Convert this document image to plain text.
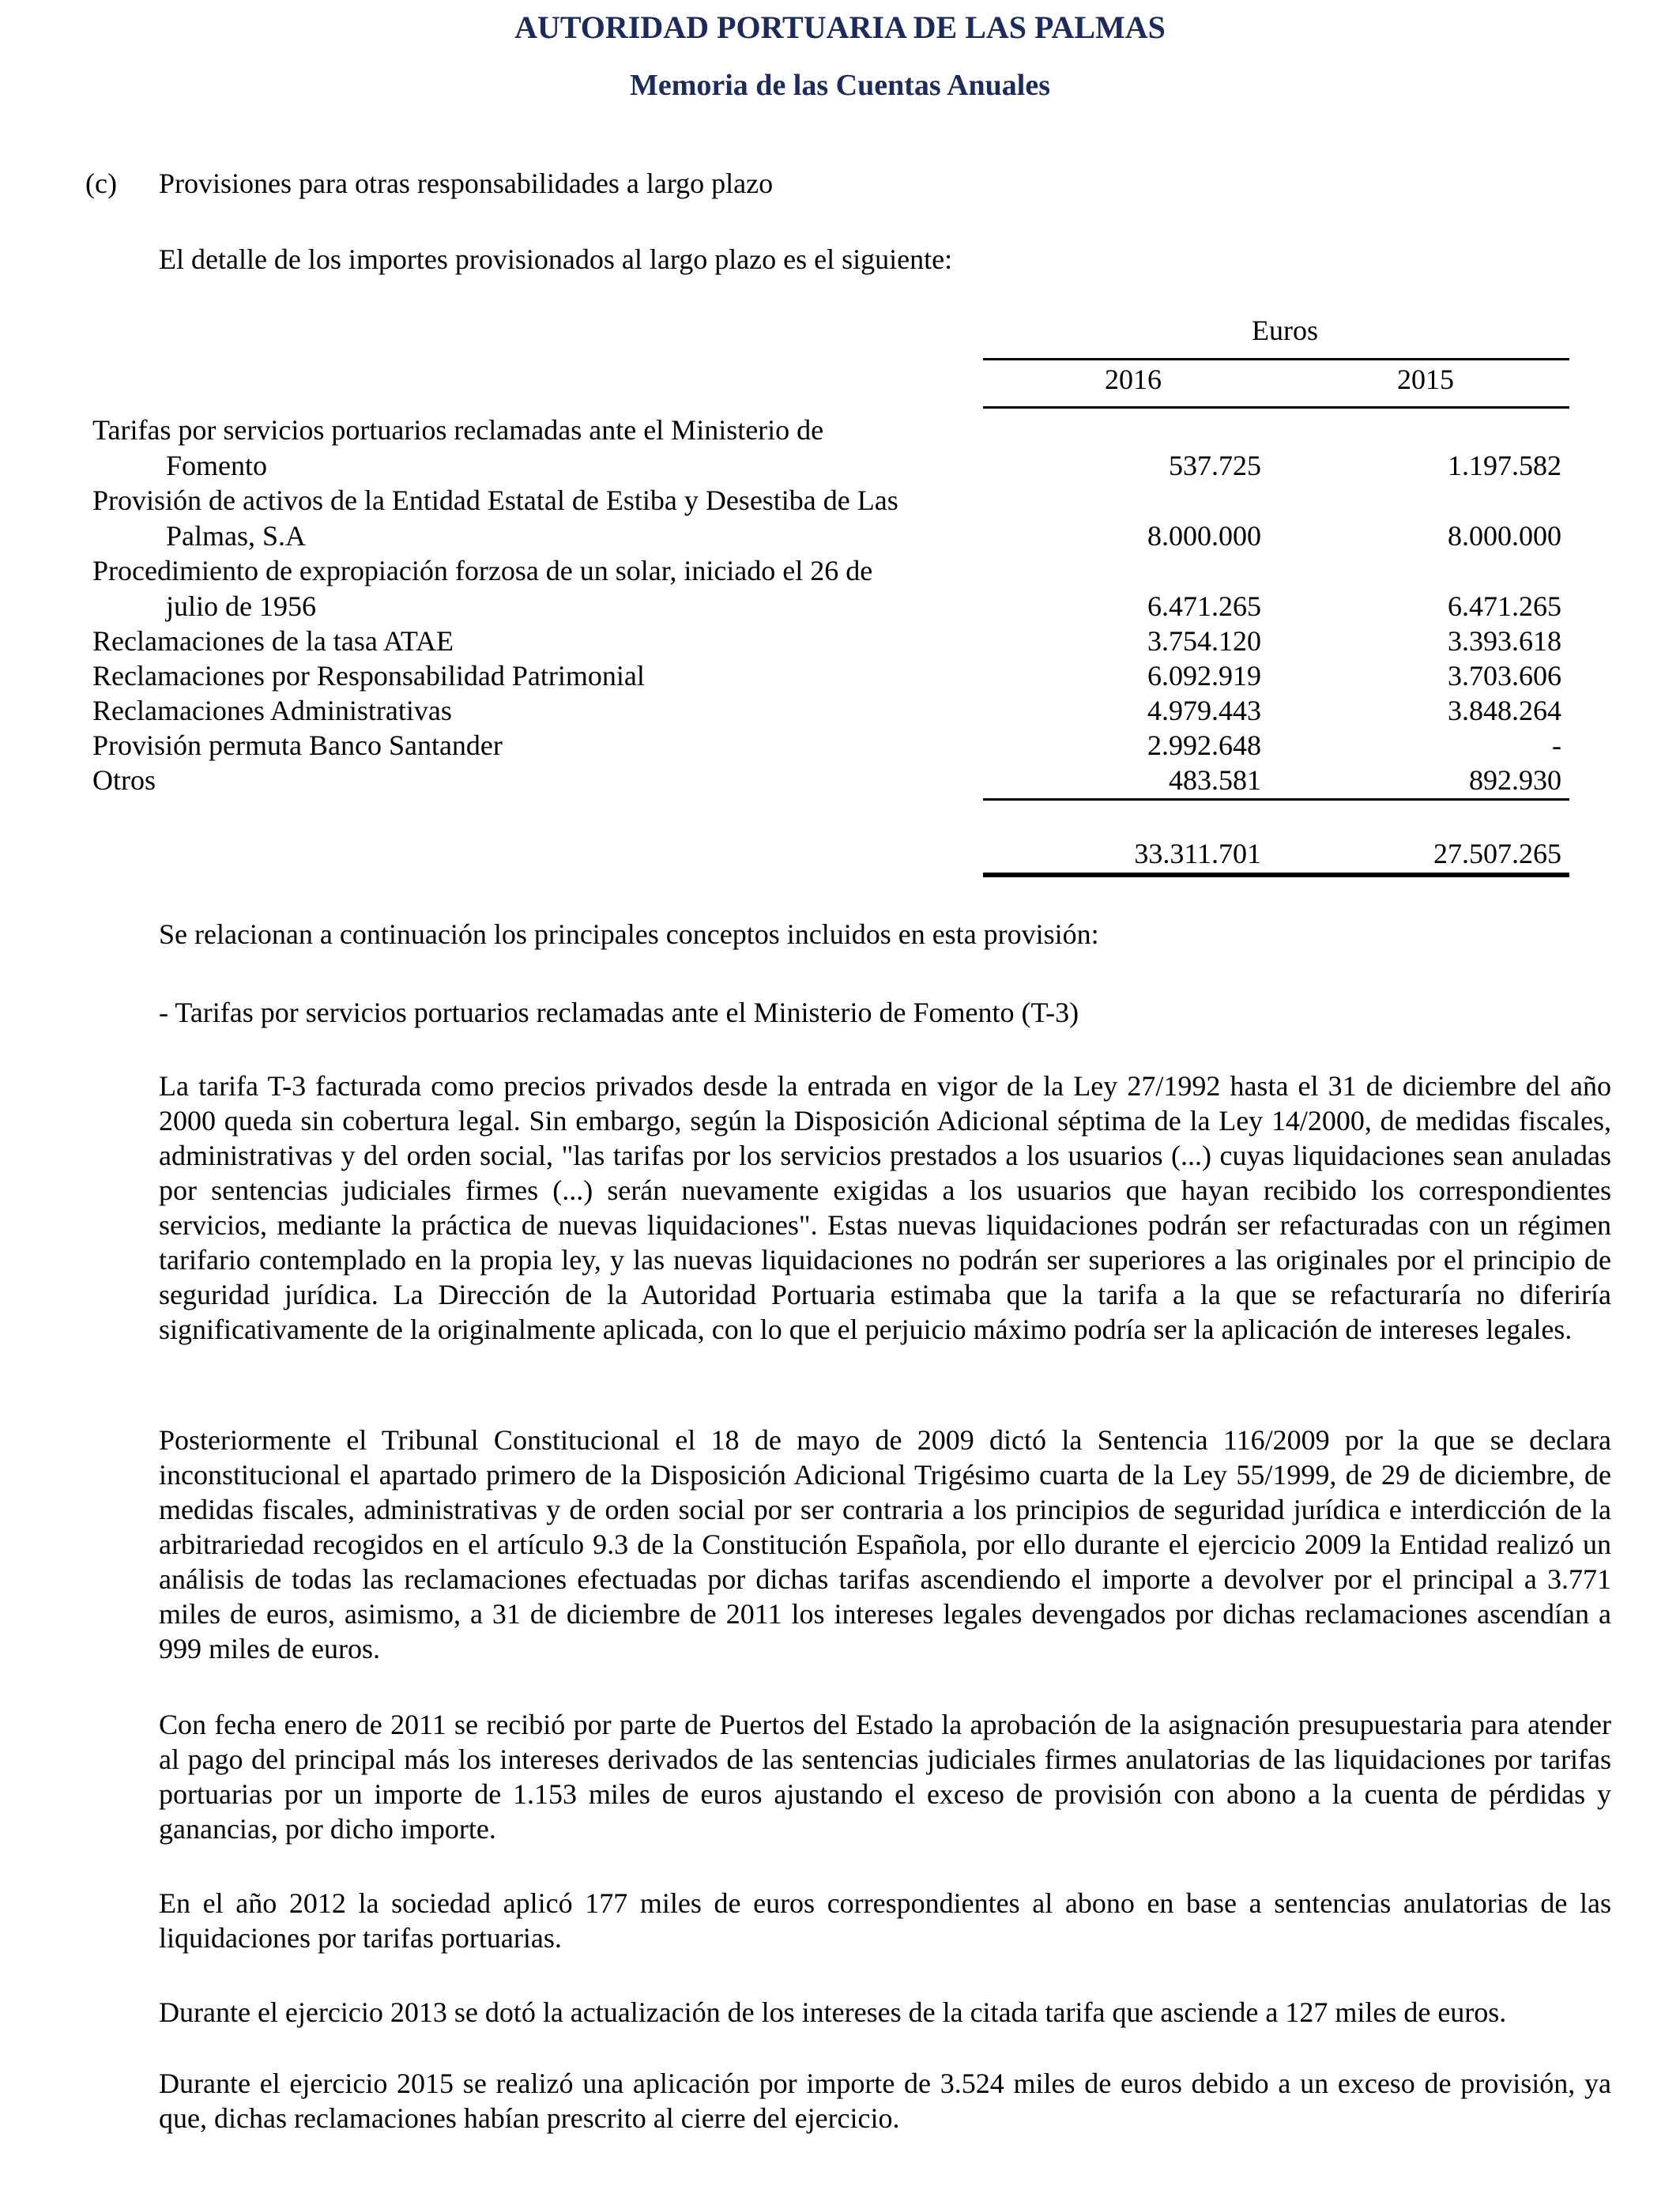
AUTORIDAD PORTUARIA DE LAS PALMAS
Memoria de las Cuentas Anuales
(c) Provisiones para otras responsabilidades a largo plazo
El detalle de los importes provisionados al largo plazo es el siguiente:
Euros
2016	2015
Tarifas por servicios portuarios reclamadas ante el Ministerio de
Fomento	537.725	1.197.582
Provisión de activos de la Entidad Estatal de Estiba y Desestiba de Las
Palmas, S.A	8.000.000	8.000.000
Procedimiento de expropiación forzosa de un solar, iniciado el 26 de
julio de 1956	6.471.265	6.471.265
Reclamaciones de la tasa ATAE	3.754.120	3.393.618
Reclamaciones por Responsabilidad Patrimonial	6.092.919	3.703.606
Reclamaciones Administrativas	4.979.443	3.848.264
Provisión permuta Banco Santander	2.992.648	-
Otros	483.581	892.930
33.311.701	27.507.265
Se relacionan a continuación los principales conceptos incluidos en esta provisión:
- Tarifas por servicios portuarios reclamadas ante el Ministerio de Fomento (T-3)
La tarifa T-3 facturada como precios privados desde la entrada en vigor de la Ley 27/1992 hasta el 31 de diciembre del año 2000 queda sin cobertura legal. Sin embargo, según la Disposición Adicional séptima de la Ley 14/2000, de medidas fiscales, administrativas y del orden social, "las tarifas por los servicios prestados a los usuarios (...) cuyas liquidaciones sean anuladas por sentencias judiciales firmes (...) serán nuevamente exigidas a los usuarios que hayan recibido los correspondientes servicios, mediante la práctica de nuevas liquidaciones". Estas nuevas liquidaciones podrán ser refacturadas con un régimen tarifario contemplado en la propia ley, y las nuevas liquidaciones no podrán ser superiores a las originales por el principio de seguridad jurídica. La Dirección de la Autoridad Portuaria estimaba que la tarifa a la que se refacturaría no diferiría significativamente de la originalmente aplicada, con lo que el perjuicio máximo podría ser la aplicación de intereses legales.
Posteriormente el Tribunal Constitucional el 18 de mayo de 2009 dictó la Sentencia 116/2009 por la que se declara inconstitucional el apartado primero de la Disposición Adicional Trigésimo cuarta de la Ley 55/1999, de 29 de diciembre, de medidas fiscales, administrativas y de orden social por ser contraria a los principios de seguridad jurídica e interdicción de la arbitrariedad recogidos en el artículo 9.3 de la Constitución Española, por ello durante el ejercicio 2009 la Entidad realizó un análisis de todas las reclamaciones efectuadas por dichas tarifas ascendiendo el importe a devolver por el principal a 3.771 miles de euros, asimismo, a 31 de diciembre de 2011 los intereses legales devengados por dichas reclamaciones ascendían a 999 miles de euros.
Con fecha enero de 2011 se recibió por parte de Puertos del Estado la aprobación de la asignación presupuestaria para atender al pago del principal más los intereses derivados de las sentencias judiciales firmes anulatorias de las liquidaciones por tarifas portuarias por un importe de 1.153 miles de euros ajustando el exceso de provisión con abono a la cuenta de pérdidas y ganancias, por dicho importe.
En el año 2012 la sociedad aplicó 177 miles de euros correspondientes al abono en base a sentencias anulatorias de las liquidaciones por tarifas portuarias.
Durante el ejercicio 2013 se dotó la actualización de los intereses de la citada tarifa que asciende a 127 miles de euros.
Durante el ejercicio 2015 se realizó una aplicación por importe de 3.524 miles de euros debido a un exceso de provisión, ya que, dichas reclamaciones habían prescrito al cierre del ejercicio.
